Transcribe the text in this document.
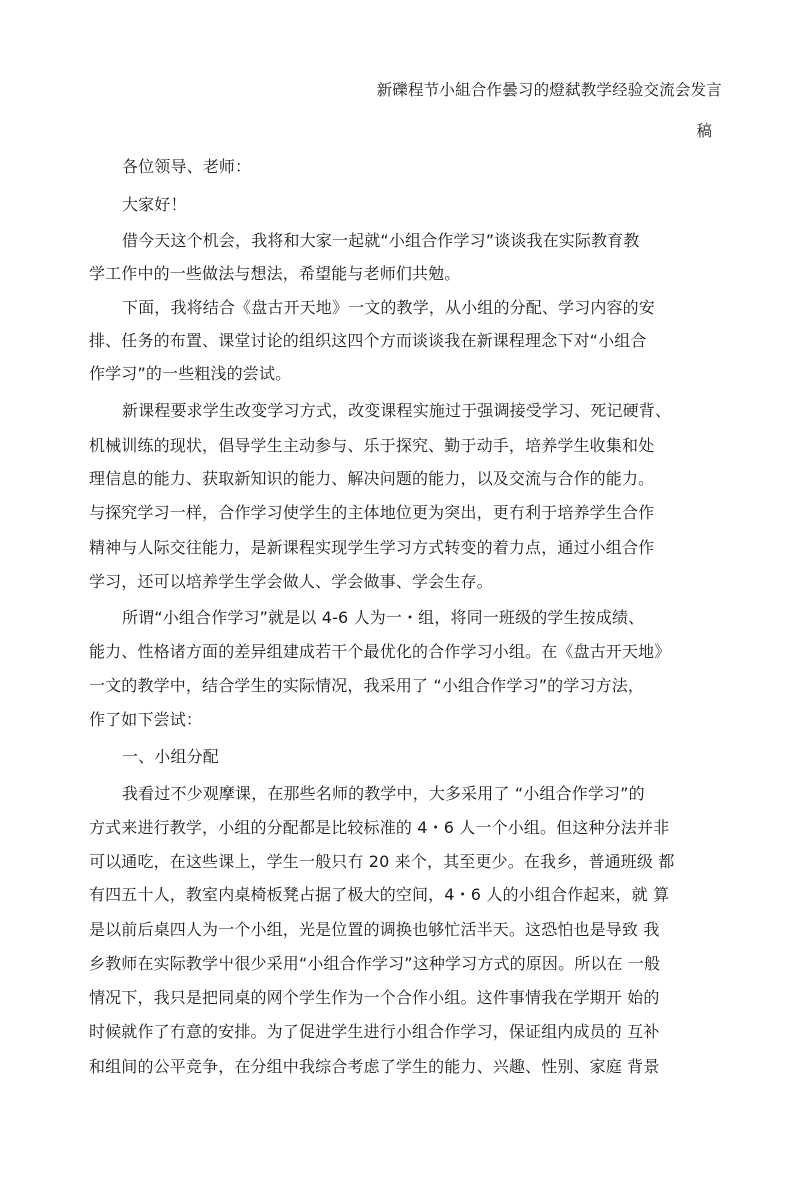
新礫程节小組合作曇习的燈弑教学经验交流会发言
稿
各位领导、老师：
大家好！
借今天这个机会，我将和大家一起就“小组合作学习”谈谈我在实际教育教
学工作中的一些做法与想法，希望能与老师们共勉。
下面，我将结合《盘古开天地》一文的教学，从小组的分配、学习内容的安
排、任务的布置、课堂讨论的组织这四个方而谈谈我在新课程理念下对“小组合
作学习”的一些粗浅的尝试。
新课程要求学生改变学习方式，改变课程实施过于强调接受学习、死记硬背、
机械训练的现状，倡导学生主动参与、乐于探究、勤于动手，培养学生收集和处
理信息的能力、获取新知识的能力、解决问题的能力，以及交流与合作的能力。
与探究学习一样，合作学习使学生的主体地位更为突出，更冇利于培养学生合作
精神与人际交往能力，是新课程实现学生学习方式转变的着力点，通过小组合作
学习，还可以培养学生学会做人、学会做事、学会生存。
所谓“小组合作学习”就是以 4-6 人为一・组，将同一班级的学生按成绩、
能力、性格诸方面的差异组建成若干个最优化的合作学习小组。在《盘古开天地》
一文的教学中，结合学生的实际情况，我采用了 “小组合作学习”的学习方法，
作了如下尝试：
一、小组分配
我看过不少观摩课，在那些名师的教学中，大多采用了 “小组合作学习”的
方式来进行教学，小组的分配都是比较标准的 4・6 人一个小组。但这种分法并非
可以通吃，在这些课上，学生一般只冇 20 来个，其至更少。在我乡，普通班级 都
有四五十人，教室内桌椅板凳占据了极大的空间，4・6 人的小组合作起来，就 算
是以前后桌四人为一个小组，光是位置的调换也够忙活半天。这恐怕也是导致 我
乡教师在实际教学屮很少采用“小组合作学习”这种学习方式的原因。所以在 一般
情况下，我只是把同桌的网个学生作为一个合作小组。这件事情我在学期开 始的
时候就作了冇意的安排。为了促进学生进行小组合作学习，保证组内成员的 互补
和组间的公平竞争，在分组中我综合考虑了学生的能力、兴趣、性别、家庭 背景
